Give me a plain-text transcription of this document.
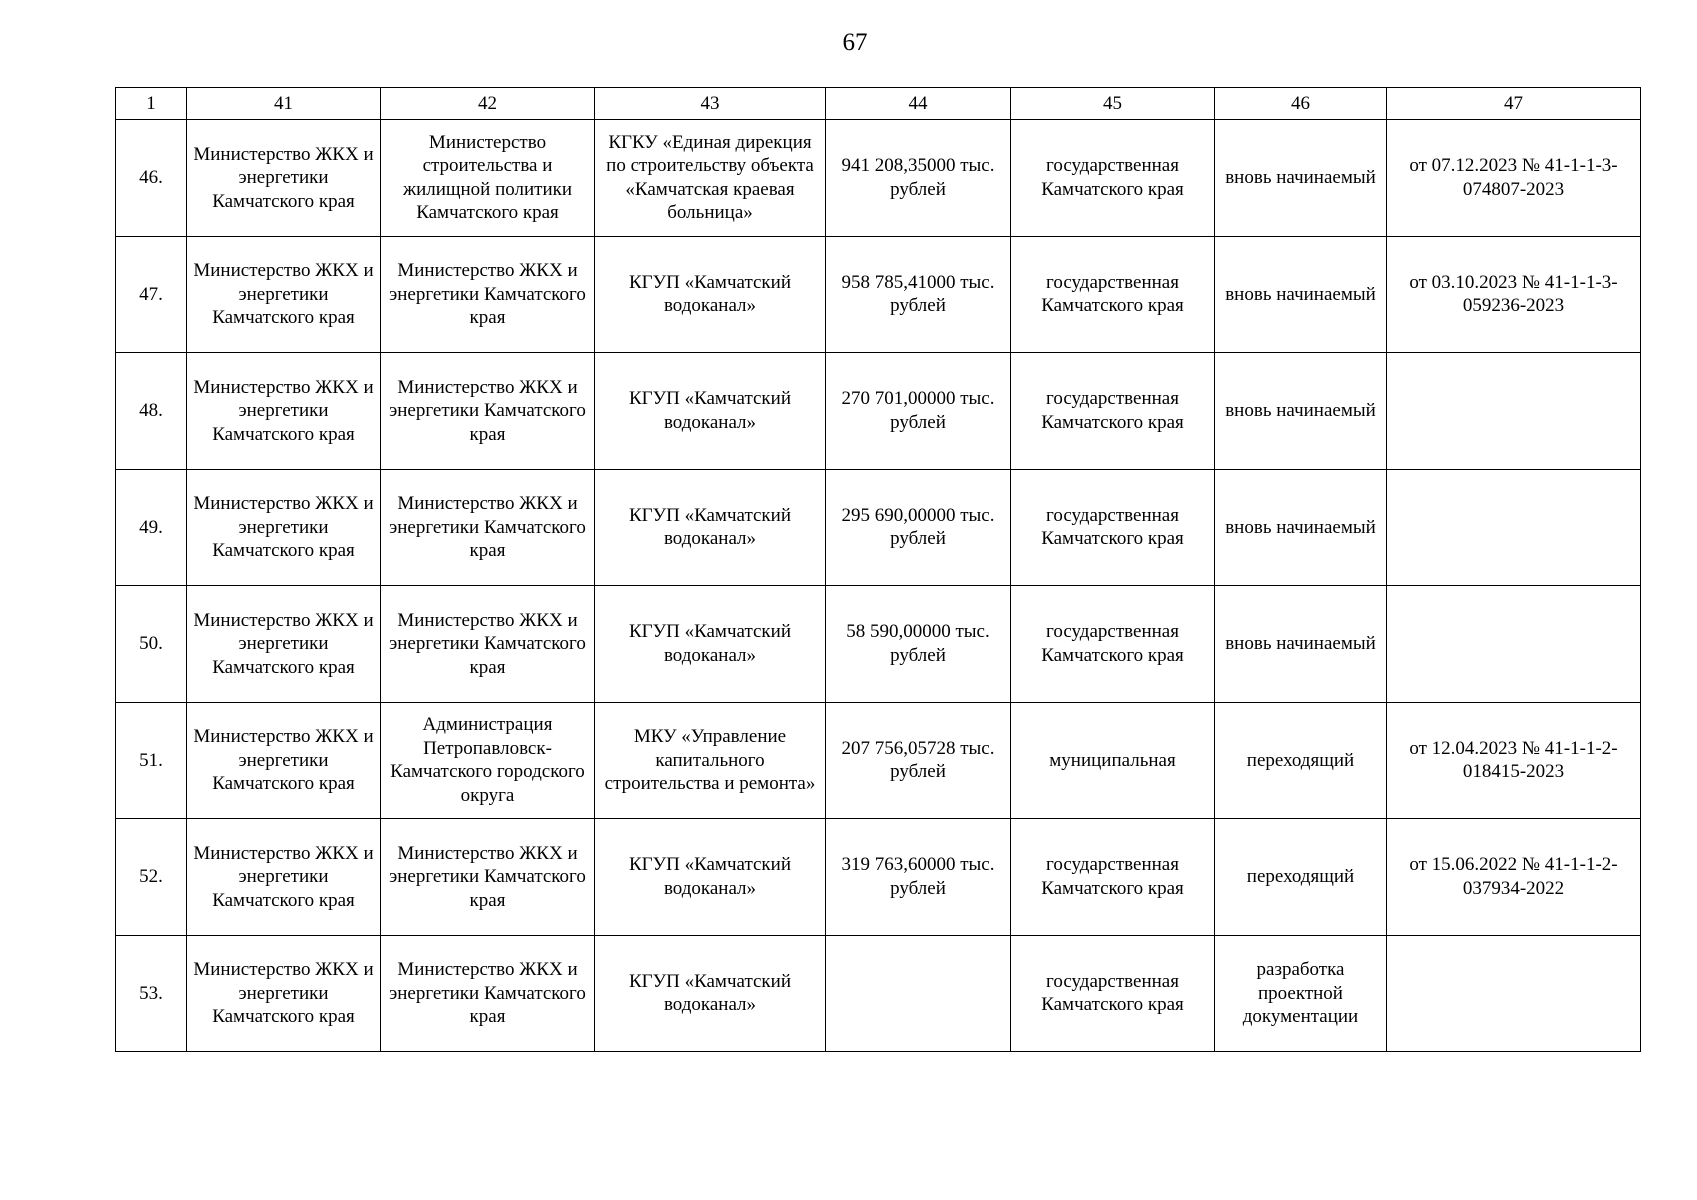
67
1	41	42	43	44	45	46	47
46.	Министерство ЖКХ и энергетики Камчатского края	Министерство строительства и жилищной политики Камчатского края	КГКУ «Единая дирекция по строительству объекта «Камчатская краевая больница»	941 208,35000 тыс. рублей	государственная Камчатского края	вновь начинаемый	от 07.12.2023 № 41-1-1-3-074807-2023
47.	Министерство ЖКХ и энергетики Камчатского края	Министерство ЖКХ и энергетики Камчатского края	КГУП «Камчатский водоканал»	958 785,41000 тыс. рублей	государственная Камчатского края	вновь начинаемый	от 03.10.2023 № 41-1-1-3-059236-2023
48.	Министерство ЖКХ и энергетики Камчатского края	Министерство ЖКХ и энергетики Камчатского края	КГУП «Камчатский водоканал»	270 701,00000 тыс. рублей	государственная Камчатского края	вновь начинаемый	
49.	Министерство ЖКХ и энергетики Камчатского края	Министерство ЖКХ и энергетики Камчатского края	КГУП «Камчатский водоканал»	295 690,00000 тыс. рублей	государственная Камчатского края	вновь начинаемый	
50.	Министерство ЖКХ и энергетики Камчатского края	Министерство ЖКХ и энергетики Камчатского края	КГУП «Камчатский водоканал»	58 590,00000 тыс. рублей	государственная Камчатского края	вновь начинаемый	
51.	Министерство ЖКХ и энергетики Камчатского края	Администрация Петропавловск-Камчатского городского округа	МКУ «Управление капитального строительства и ремонта»	207 756,05728 тыс. рублей	муниципальная	переходящий	от 12.04.2023 № 41-1-1-2-018415-2023
52.	Министерство ЖКХ и энергетики Камчатского края	Министерство ЖКХ и энергетики Камчатского края	КГУП «Камчатский водоканал»	319 763,60000 тыс. рублей	государственная Камчатского края	переходящий	от 15.06.2022 № 41-1-1-2-037934-2022
53.	Министерство ЖКХ и энергетики Камчатского края	Министерство ЖКХ и энергетики Камчатского края	КГУП «Камчатский водоканал»		государственная Камчатского края	разработка проектной документации	
